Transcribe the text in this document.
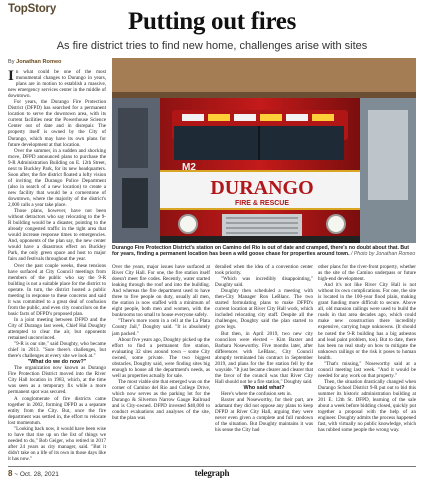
TopStory	Putting out fires
As fire district tries to find new home, challenges arise with sites
By Jonathan Romeo

In what could be one of the most monumental changes to Durango in years, plans are in motion to establish a massive, new emergency services center in the middle of downtown.

For years, the Durango Fire Protection District (DFPD) has searched for a permanent location to serve the downtown area, with its current facilities near the Powerhouse Science Center out of date and in disrepair. The property itself is owned by the City of Durango, which may have its own plans for future development at that location.

Over the summer, in a sudden and shocking move, DFPD announced plans to purchase the 9-R Administration Building on E. 12th Street, next to Buckley Park, for its new headquarters. Soon after, the fire district floated a lofty vision of inviting the Durango Police Department (also in search of a new location) to create a new facility that would be a cornerstone of downtown, where the majority of the district's 2,000 calls a year take place.

Those plans, however, have not been without detractors who say relocating to the 9-R building would be a disaster, pointing to the already congested traffic in the tight area that would increase response times to emergencies. And, opponents of the plan say, the new center would have a disastrous effect on Buckley Park, the only green space and host to major fairs and festivals throughout the year.

Over the past couple weeks, these tensions have surfaced at City Council meetings from members of the public who say the 9-R building is not a suitable place for the district to operate. In turn, the district hosted a public meeting in response to these concerns and said it was committed to a great deal of confusion from the public, and even city councilors on the basic facts of DFPD's proposed plan.

In a joint meeting between DFPD and the City of Durango last week, Chief Hal Doughty attempted to clear the air, but opponents remained unconvinced.

"9-R is our site," said Doughty, who became chief in 2013. "Sure there's challenges, but there's challenges at every site we look at."

"What do we do now?"

The organization now known as Durango Fire Protection District moved into the River City Hall location in 1983, which, at the time was seen as a temporary fix while a more permanent spot was secured.

A conglomerate of fire districts came together in 2002, forming DFPD as a separate entity from the City. But, once the fire department was settled in, the effort to relocate lost momentum.

"Looking back now, it would have been wise to have that rise up on the list of things we needed to do," Bob Geiger, who retired in 2017 after 24 years as city manager, said. "But it didn't take on a life of its own in those days like it has now."

DURANGO
FIRE & RESCUE
M2
Durango Fire Protection District's station on Camino del Rio is out of date and cramped, there's no doubt about that. But for years, finding a permanent location has been a wild goose chase for properties around town. / Photo by Jonathan Romeo

Over the years, major issues have surfaced at River City Hall. For one, the fire station itself doesn't meet fire codes. Recently, water started leaking through the roof and into the building. And whereas the fire department used to have three to five people on duty, usually all men, the station is now staffed with a minimum of eight people, both men and women, with the bunkrooms too small to house everyone safely.

"There's more room in a cell at the La Plata County Jail," Doughty said. "It is absolutely jam packed."

About five years ago, Doughty picked up the effort to find a permanent fire station, evaluating 32 sites around town – some City owned, some private. The two biggest obstacles, Doughty said, were finding sites big enough to house all the department's needs, as well as properties actually for sale.

The most viable site that emerged was on the corner of Camino del Rio and College Drive, which now serves as the parking lot for the Durango & Silverton Narrow Gauge Railroad and is City-owned. DFPD invested $40,000 to conduct evaluations and analyses of the site, but the plan was

derailed when the idea of a convention center took priority.

"Which was incredibly disappointing," Doughty said.

Doughty then scheduled a meeting with then-City Manager Ron LeBlanc. The two started formulating plans to make DFPD's current location at River City Hall work, which included relocating city staff. Despite all the challenges, Doughty said the plan started to grow legs.

But then, in April 2019, two new city councilors were elected – Kim Baxter and Barbara Noseworthy. Five months later, after differences with LeBlanc, City Council abruptly terminated his contract in September 2019, and plans for the fire station fell by the wayside. "It just became clearer and clearer that the favor of the council was that River City Hall should not be a fire station," Doughty said.

Who said what?

Here's where the confusion sets in.

Baxter and Noseworthy, for their part, are adamant they did not oppose any plans to keep DFPD at River City Hall, arguing they were never even given a complete and full rundown of the situation. But Doughty maintains it was his sense the City had

other plans for the river-front property, whether as the site of the Camino underpass or future high-end development.

And it's not like River City Hall is not without its own complications. For one, the site is located in the 100-year flood plain, making grant funding more difficult to secure. Above all, old mansion railings were used to build the roads in that area decades ago, which could make new construction there incredibly expensive, carrying huge unknowns. (It should be noted the 9-R building has a big asbestos and lead paint problem, too). But to date, there has been no real study on how to mitigate the unknown railings or the risk it poses to human health.

"That's missing," Noseworthy said at a council meeting last week. "And it would be needed for any work on that property."

Then, the situation drastically changed when Durango School District 9-R put out to bid this summer its historic administration building at 201 E. 12th St. DFPD, learning of the sale about a week before bidding closed, quickly put together a proposal with the help of an engineer. Doughty admits the process happened fast, with virtually no public knowledge, which has rubbed some people the wrong way.

8 ~ Oct. 28, 2021	telegraph
